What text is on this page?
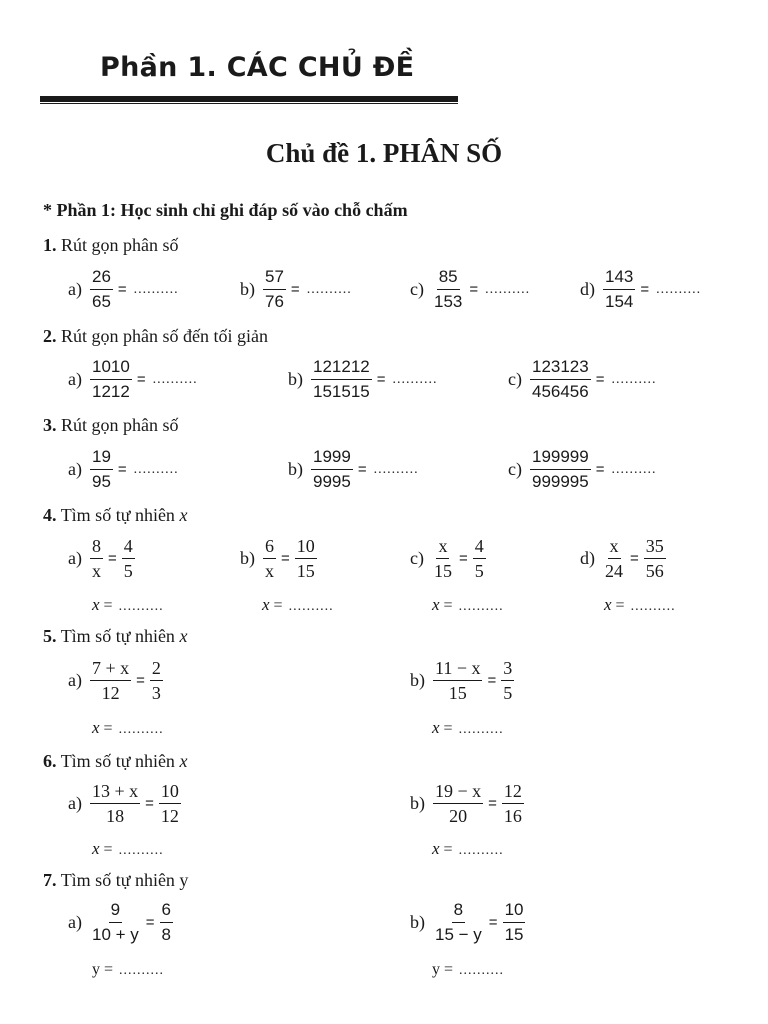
Phần 1. CÁC CHỦ ĐỀ
Chủ đề 1. PHÂN SỐ
* Phần 1: Học sinh chỉ ghi đáp số vào chỗ chấm
1. Rút gọn phân số
2. Rút gọn phân số đến tối giản
3. Rút gọn phân số
4. Tìm số tự nhiên x
5. Tìm số tự nhiên x
6. Tìm số tự nhiên x
7. Tìm số tự nhiên y
$a) \frac{26}{65}$ = ..........	$b) \frac{57}{76}$ = ..........	$c) \frac{85}{153}$ = ..........	$d) \frac{143}{154}$ = ..........
$a) \frac{1010}{1212}$ = ..........	$b) \frac{121212}{151515}$ = ..........	$c) \frac{123123}{456456}$ = ..........
$a) \frac{19}{95}$ = ..........	$b) \frac{1999}{9995}$ = ..........	$c) \frac{199999}{999995}$ = ..........
$a) \frac{8}{x} = \frac{4}{5}$	$b) \frac{6}{x} = \frac{10}{15}$	$c) \frac{x}{15} = \frac{4}{5}$	$d) \frac{x}{24} = \frac{35}{56}$
x = ..........	x = ..........	x = ..........	x = ..........
$a) \frac{7 + x}{12} = \frac{2}{3}$	$b) \frac{11 - x}{15} = \frac{3}{5}$
x = ..........	x = ..........
$a) \frac{13 + x}{18} = \frac{10}{12}$	$b) \frac{19 - x}{20} = \frac{12}{16}$
x = ..........	x = ..........
$a) \frac{9}{10 + y} = \frac{6}{8}$	$b) \frac{8}{15 - y} = \frac{10}{15}$
y = ..........	y = ..........
